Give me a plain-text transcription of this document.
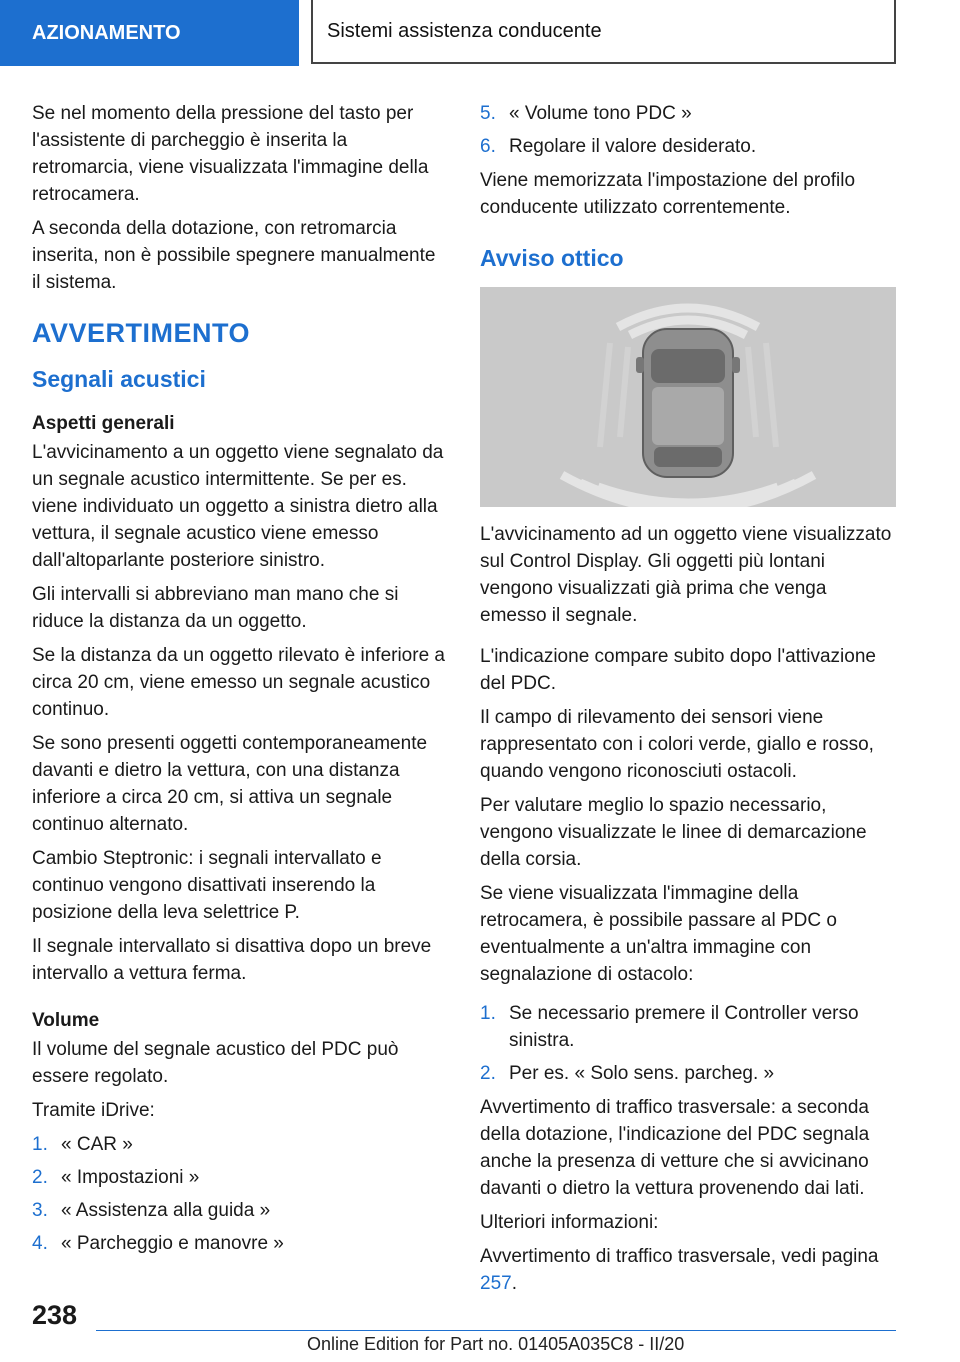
AZIONAMENTO	Sistemi assistenza conducente

Se nel momento della pressione del tasto per l'assistente di parcheggio è inserita la retromarcia, viene visualizzata l'immagine della retrocamera.

A seconda della dotazione, con retromarcia inserita, non è possibile spegnere manualmente il sistema.

AVVERTIMENTO
Segnali acustici
Aspetti generali

L'avvicinamento a un oggetto viene segnalato da un segnale acustico intermittente. Se per es. viene individuato un oggetto a sinistra dietro alla vettura, il segnale acustico viene emesso dall'altoparlante posteriore sinistro.

Gli intervalli si abbreviano man mano che si riduce la distanza da un oggetto.

Se la distanza da un oggetto rilevato è inferiore a circa 20 cm, viene emesso un segnale acustico continuo.

Se sono presenti oggetti contemporaneamente davanti e dietro la vettura, con una distanza inferiore a circa 20 cm, si attiva un segnale continuo alternato.

Cambio Steptronic: i segnali intervallato e continuo vengono disattivati inserendo la posizione della leva selettrice P.

Il segnale intervallato si disattiva dopo un breve intervallo a vettura ferma.

Volume

Il volume del segnale acustico del PDC può essere regolato.

Tramite iDrive:

1. « CAR »
2. « Impostazioni »
3. « Assistenza alla guida »
4. « Parcheggio e manovre »
5. « Volume tono PDC »
6. Regolare il valore desiderato.

Viene memorizzata l'impostazione del profilo conducente utilizzato correntemente.

Avviso ottico

L'avvicinamento ad un oggetto viene visualizzato sul Control Display. Gli oggetti più lontani vengono visualizzati già prima che venga emesso il segnale.

L'indicazione compare subito dopo l'attivazione del PDC.

Il campo di rilevamento dei sensori viene rappresentato con i colori verde, giallo e rosso, quando vengono riconosciuti ostacoli.

Per valutare meglio lo spazio necessario, vengono visualizzate le linee di demarcazione della corsia.

Se viene visualizzata l'immagine della retrocamera, è possibile passare al PDC o eventualmente a un'altra immagine con segnalazione di ostacolo:

1. Se necessario premere il Controller verso sinistra.
2. Per es. « Solo sens. parcheg. »

Avvertimento di traffico trasversale: a seconda della dotazione, l'indicazione del PDC segnala anche la presenza di vetture che si avvicinano davanti o dietro la vettura provenendo dai lati.

Ulteriori informazioni:

Avvertimento di traffico trasversale, vedi pagina 257.

238
Online Edition for Part no. 01405A035C8 - II/20
